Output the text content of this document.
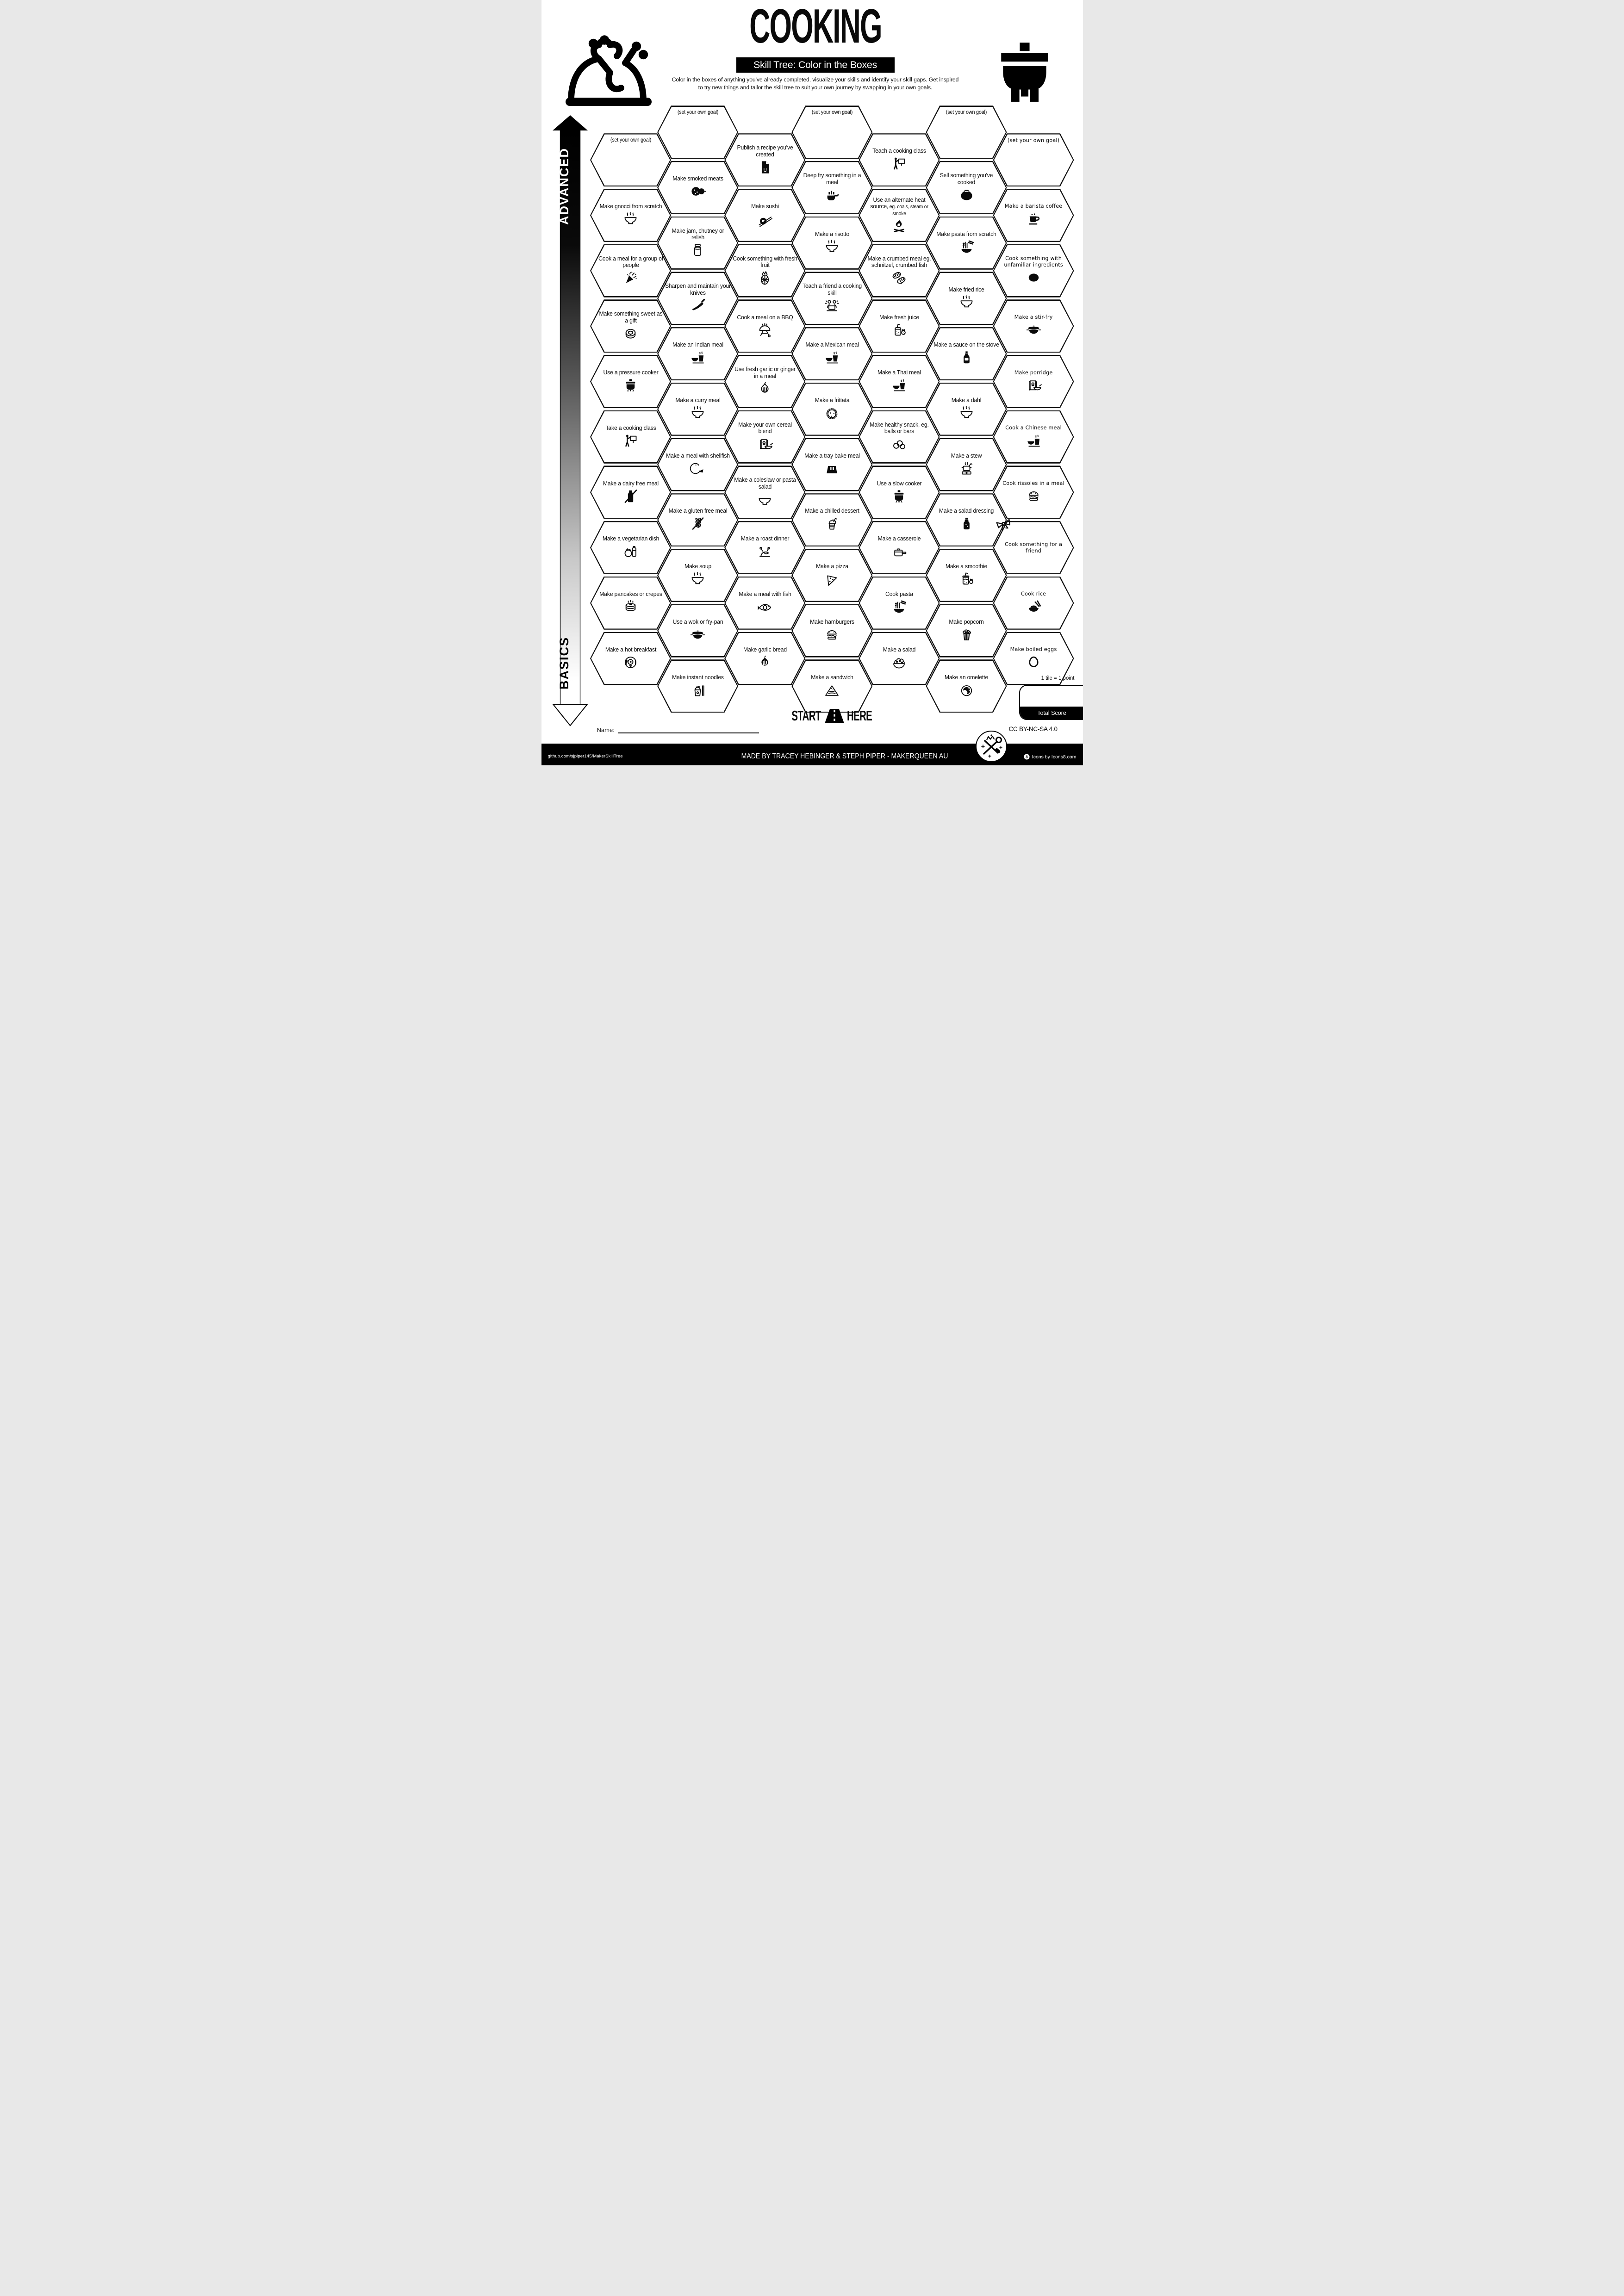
COOKING
Skill Tree: Color in the Boxes
Color in the boxes of anything you've already completed, visualize your skills and identify your skill gaps. Get inspired
to try new things and tailor the skill tree to suit your own journey by swapping in your own goals.
ADVANCED
BASICS
(set your own goal)
Make gnocci from scratch
Cook a meal for a group of people
Make something sweet as a gift
Use a pressure cooker
Take a cooking class
Make a dairy free meal
Make a vegetarian dish
Make pancakes or crepes
Make a hot breakfast
(set your own goal)
Make smoked meats
Make jam, chutney or relish
Sharpen and maintain your knives
Make an Indian meal
Make a curry meal
Make a meal with shellfish
Make a gluten free meal
Make soup
Use a wok or fry-pan
Make instant noodles
Publish a recipe you've created
Make sushi
Cook something with fresh fruit
Cook a meal on a BBQ
Use fresh garlic or ginger in a meal
Make your own cereal blend
Make a coleslaw or pasta salad
Make a roast dinner
Make a meal with fish
Make garlic bread
(set your own goal)
Deep fry something in a meal
Make a risotto
Teach a friend a cooking skill
Make a Mexican meal
Make a frittata
Make a tray bake meal
Make a chilled dessert
Make a pizza
Make hamburgers
Make a sandwich
Teach a cooking class
Use an alternate heat source, eg. coals, steam or smoke
Make a crumbed meal eg. schnitzel, crumbed fish
Make fresh juice
Make a Thai meal
Make healthy snack, eg. balls or bars
Use a slow cooker
Make a casserole
Cook pasta
Make a salad
(set your own goal)
Sell something you've cooked
Make pasta from scratch
Make fried rice
Make a sauce on the stove
Make a dahl
Make a stew
Make a salad dressing
Make a smoothie
Make popcorn
Make an omelette
(set your own goal)
Make a barista coffee
Cook something with unfamiliar ingredients
Make a stir-fry
Make porridge
Cook a Chinese meal
Cook rissoles in a meal
Cook something for a friend
Cook rice
Make boiled eggs
START HERE
Name:
1 tile = 1 point
Total Score
CC BY-NC-SA 4.0
github.com/sjpiper145/MakerSkillTree	MADE BY TRACEY HEBINGER & STEPH PIPER - MAKERQUEEN AU	8 Icons by Icons8.com
